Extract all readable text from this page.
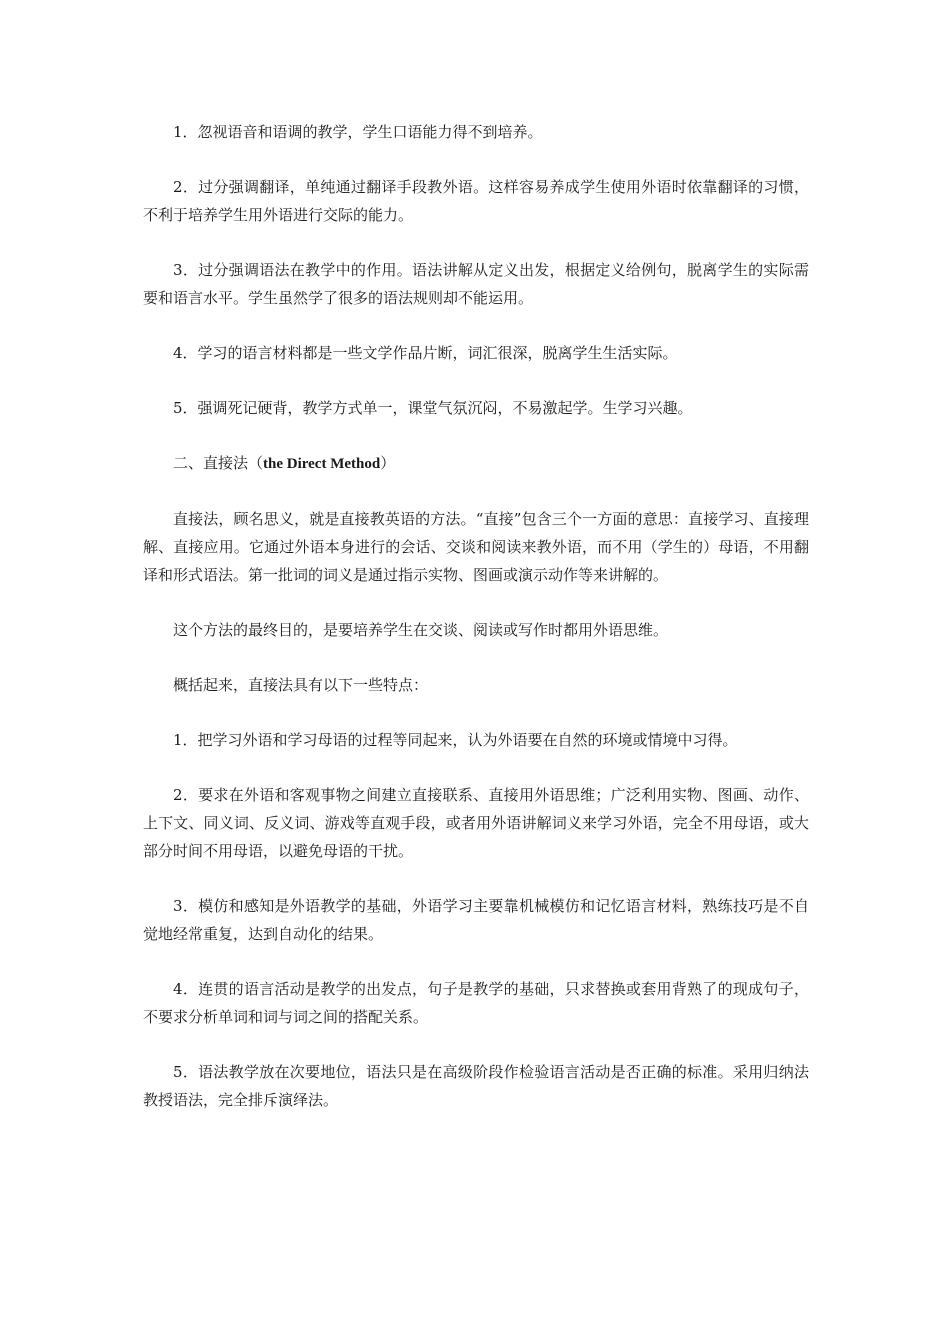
1．忽视语音和语调的教学，学生口语能力得不到培养。

2．过分强调翻译，单纯通过翻译手段教外语。这样容易养成学生使用外语时依靠翻译的习惯，不利于培养学生用外语进行交际的能力。

3．过分强调语法在教学中的作用。语法讲解从定义出发，根据定义给例句，脱离学生的实际需要和语言水平。学生虽然学了很多的语法规则却不能运用。

4．学习的语言材料都是一些文学作品片断，词汇很深，脱离学生生活实际。

5．强调死记硬背，教学方式单一，课堂气氛沉闷，不易激起学。生学习兴趣。

二、直接法（the Direct Method）

直接法，顾名思义，就是直接教英语的方法。“直接”包含三个一方面的意思：直接学习、直接理解、直接应用。它通过外语本身进行的会话、交谈和阅读来教外语，而不用（学生的）母语，不用翻译和形式语法。第一批词的词义是通过指示实物、图画或演示动作等来讲解的。

这个方法的最终目的，是要培养学生在交谈、阅读或写作时都用外语思维。

概括起来，直接法具有以下一些特点：

1．把学习外语和学习母语的过程等同起来，认为外语要在自然的环境或情境中习得。

2．要求在外语和客观事物之间建立直接联系、直接用外语思维；广泛利用实物、图画、动作、上下文、同义词、反义词、游戏等直观手段，或者用外语讲解词义来学习外语，完全不用母语，或大部分时间不用母语，以避免母语的干扰。

3．模仿和感知是外语教学的基础，外语学习主要靠机械模仿和记忆语言材料，熟练技巧是不自觉地经常重复，达到自动化的结果。

4．连贯的语言活动是教学的出发点，句子是教学的基础，只求替换或套用背熟了的现成句子，不要求分析单词和词与词之间的搭配关系。

5．语法教学放在次要地位，语法只是在高级阶段作检验语言活动是否正确的标准。采用归纳法教授语法，完全排斥演绎法。
